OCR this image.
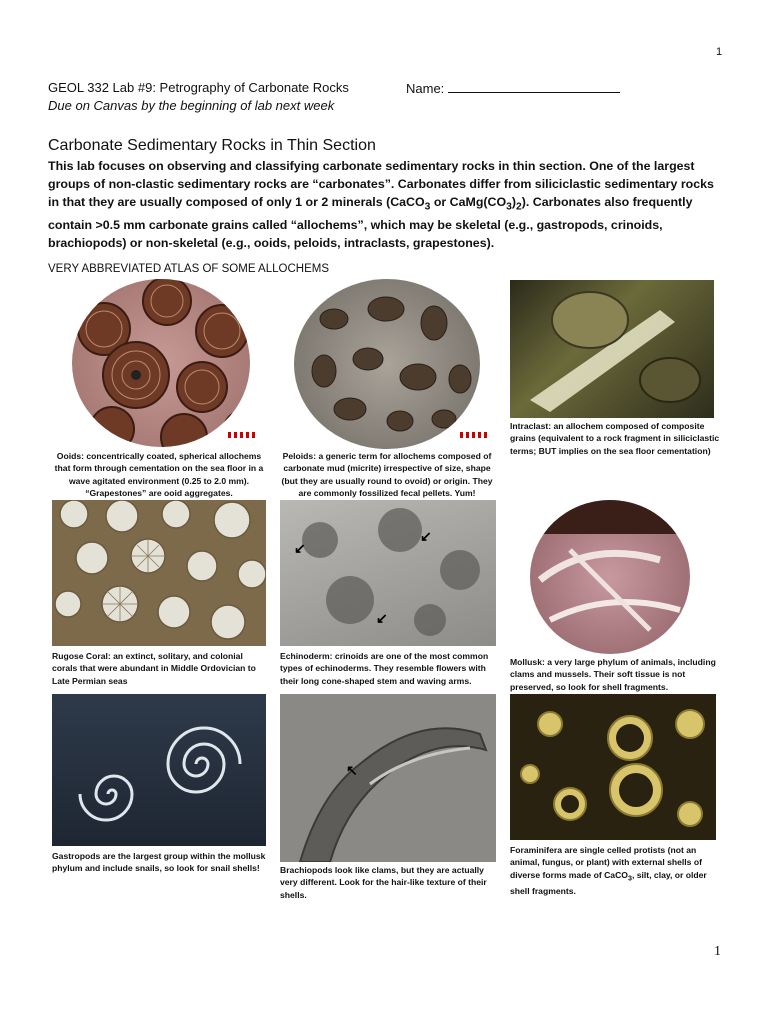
1
GEOL 332 Lab #9: Petrography of Carbonate Rocks	Name:
Due on Canvas by the beginning of lab next week
Carbonate Sedimentary Rocks in Thin Section
This lab focuses on observing and classifying carbonate sedimentary rocks in thin section. One of the largest groups of non-clastic sedimentary rocks are “carbonates”. Carbonates differ from siliciclastic sedimentary rocks in that they are usually composed of only 1 or 2 minerals (CaCO$_3$ or $CaMg(CO_3)_2$). Carbonates also frequently contain >0.5 mm carbonate grains called “allochems”, which may be skeletal (e.g., gastropods, crinoids, brachiopods) or non-skeletal (e.g., ooids, peloids, intraclasts, grapestones).
VERY ABBREVIATED ATLAS OF SOME ALLOCHEMS
Ooids: concentrically coated, spherical allochems that form through cementation on the sea floor in a wave agitated environment (0.25 to 2.0 mm). “Grapestones” are ooid aggregates.
Peloids: a generic term for allochems composed of carbonate mud (micrite) irrespective of size, shape (but they are usually round to ovoid) or origin. They are commonly fossilized fecal pellets. Yum!
Intraclast: an allochem composed of composite grains (equivalent to a rock fragment in siliciclastic terms; BUT implies on the sea floor cementation)
Rugose Coral: an extinct, solitary, and colonial corals that were abundant in Middle Ordovician to Late Permian seas
↙
↙
↙
Echinoderm: crinoids are one of the most common types of echinoderms. They resemble flowers with their long cone-shaped stem and waving arms.
Mollusk: a very large phylum of animals, including clams and mussels. Their soft tissue is not preserved, so look for shell fragments.
Gastropods are the largest group within the mollusk phylum and include snails, so look for snail shells!
↖
Brachiopods look like clams, but they are actually very different. Look for the hair-like texture of their shells.
Foraminifera are single celled protists (not an animal, fungus, or plant) with external shells of diverse forms made of CaCO$_3$, silt, clay, or older shell fragments.
1
